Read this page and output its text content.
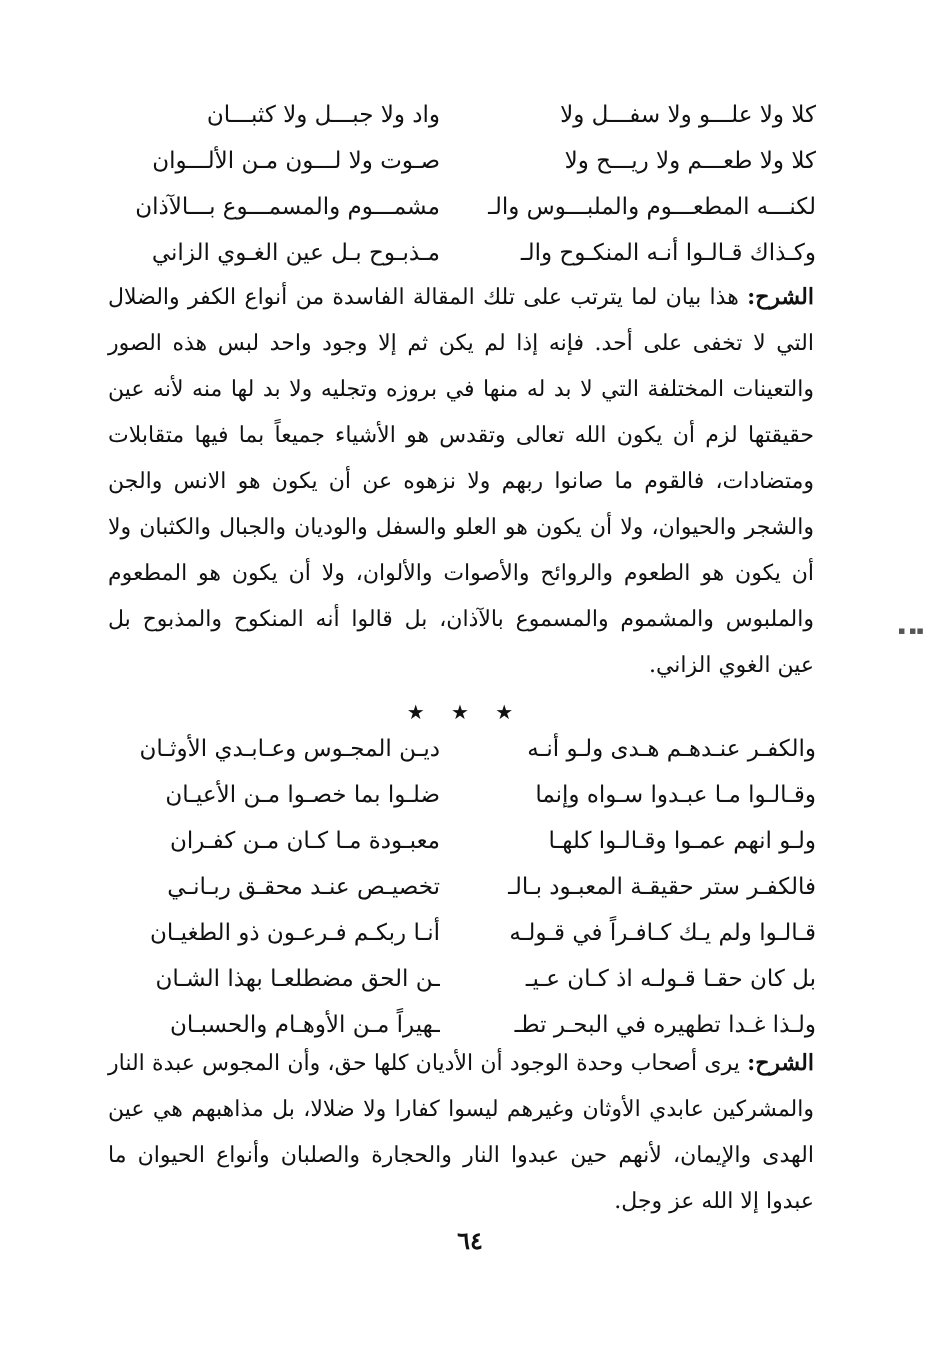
كلا ولا علـــو ولا سفـــل ولا
واد ولا جبـــل ولا كثبـــان
كلا ولا طعـــم ولا ريـــح ولا
صـوت ولا لـــون مـن الألـــوان
لكنـــه المطعـــوم والملبـــوس والـ
مشمـــوم والمسمـــوع بـــالآذان
وكـذاك قـالـوا أنـه المنكـوح والـ
مـذبـوح بـل عين الغـوي الزاني
الشرح: هذا بيان لما يترتب على تلك المقالة الفاسدة من أنواع الكفر والضلال التي لا تخفى على أحد. فإنه إذا لم يكن ثم إلا وجود واحد لبس هذه الصور والتعينات المختلفة التي لا بد له منها في بروزه وتجليه ولا بد لها منه لأنه عين حقيقتها لزم أن يكون الله تعالى وتقدس هو الأشياء جميعاً بما فيها متقابلات ومتضادات، فالقوم ما صانوا ربهم ولا نزهوه عن أن يكون هو الانس والجن والشجر والحيوان، ولا أن يكون هو العلو والسفل والوديان والجبال والكثبان ولا أن يكون هو الطعوم والروائح والأصوات والألوان، ولا أن يكون هو المطعوم والملبوس والمشموم والمسموع بالآذان، بل قالوا أنه المنكوح والمذبوح بل عين الغوي الزاني.
★ ★ ★
والكفـر عنـدهـم هـدى ولـو أنـه
ديـن المجـوس وعـابـدي الأوثـان
وقـالـوا مـا عبـدوا سـواه وإنما
ضلـوا بما خصـوا مـن الأعيـان
ولـو انهم عمـوا وقـالـوا كلهـا
معبـودة مـا كـان مـن كفـران
فالكفـر ستر حقيقـة المعبـود بـالـ
تخصيـص عنـد محقـق ربـانـي
قـالـوا ولم يـك كـافـراً في قـولـه
أنـا ربكـم فـرعـون ذو الطغيـان
بل كان حقـا قـولـه اذ كـان عـيـ
ـن الحق مضطلعـا بهذا الشـان
ولـذا غـدا تطهيره في البحـر تطـ
ـهيراً مـن الأوهـام والحسبـان
الشرح: يرى أصحاب وحدة الوجود أن الأديان كلها حق، وأن المجوس عبدة النار والمشركين عابدي الأوثان وغيرهم ليسوا كفارا ولا ضلالا، بل مذاهبهم هي عين الهدى والإيمان، لأنهم حين عبدوا النار والحجارة والصلبان وأنواع الحيوان ما عبدوا إلا الله عز وجل.
٦٤
▪ ▪▪
